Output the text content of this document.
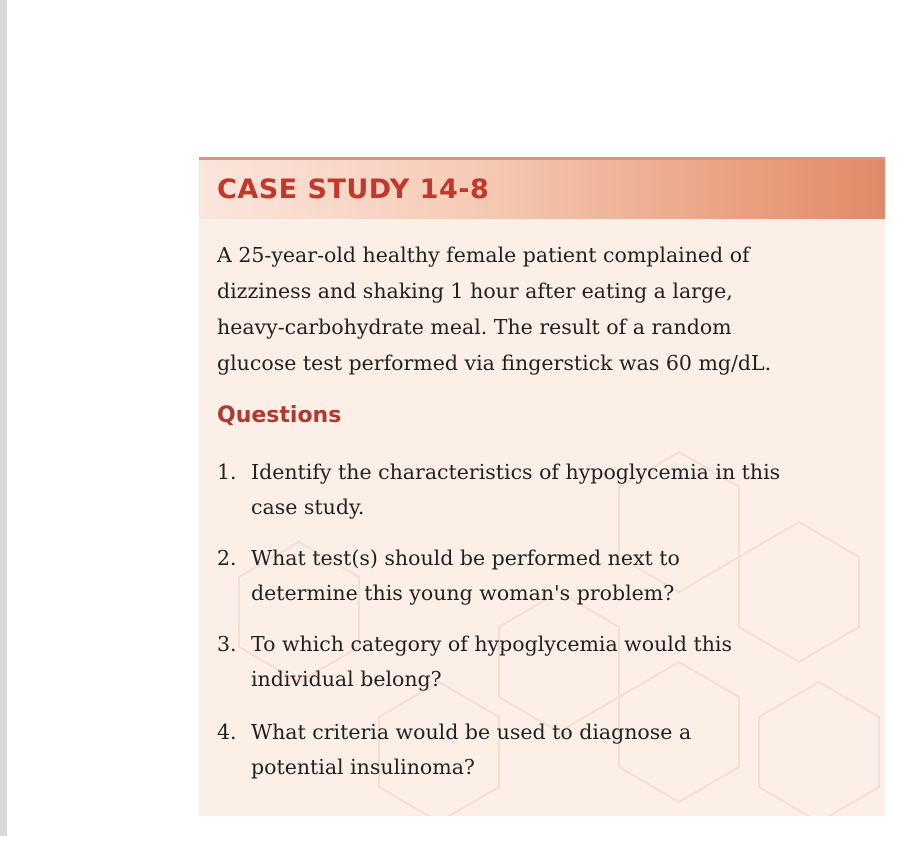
CASE STUDY 14-8
A 25-year-old healthy female patient complained of
dizziness and shaking 1 hour after eating a large,
heavy-carbohydrate meal. The result of a random
glucose test performed via fingerstick was 60 mg/dL.
Questions
1. Identify the characteristics of hypoglycemia in this
case study.
2. What test(s) should be performed next to
determine this young woman's problem?
3. To which category of hypoglycemia would this
individual belong?
4. What criteria would be used to diagnose a
potential insulinoma?
